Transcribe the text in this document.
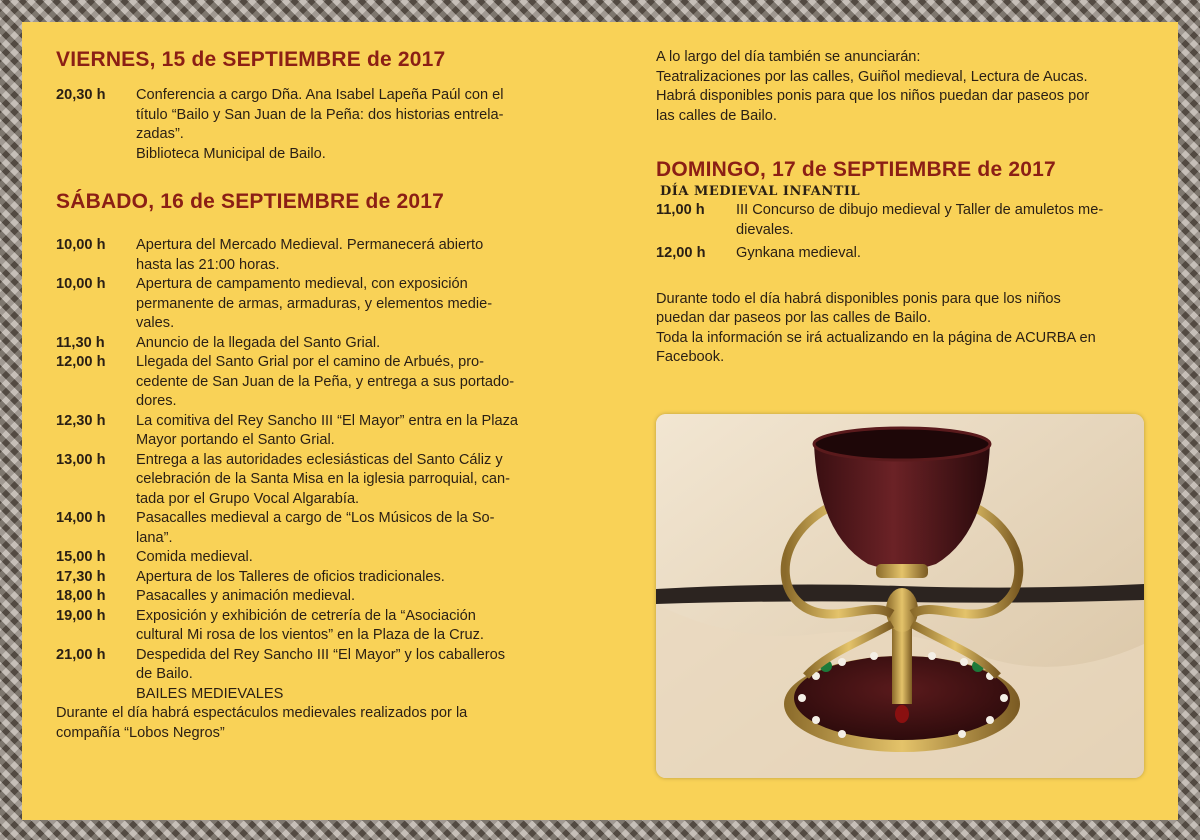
VIERNES, 15 de SEPTIEMBRE de 2017
20,30 h	Conferencia a cargo Dña. Ana Isabel Lapeña Paúl con el
título “Bailo y San Juan de la Peña: dos historias entrela-
zadas”.
Biblioteca Municipal de Bailo.
SÁBADO, 16 de SEPTIEMBRE de 2017
10,00 h	Apertura del Mercado Medieval. Permanecerá abierto
hasta las 21:00 horas.
10,00 h	Apertura de campamento medieval, con exposición
permanente de armas, armaduras, y elementos medie-
vales.
11,30 h	Anuncio de la llegada del Santo Grial.
12,00 h	Llegada del Santo Grial por el camino de Arbués, pro-
cedente de San Juan de la Peña, y entrega a sus portado-
dores.
12,30 h	La comitiva del Rey Sancho III “El Mayor” entra en la Plaza
Mayor portando el Santo Grial.
13,00 h	Entrega a las autoridades eclesiásticas del Santo Cáliz y
celebración de la Santa Misa en la iglesia parroquial, can-
tada por el Grupo Vocal Algarabía.
14,00 h	Pasacalles medieval a cargo de “Los Músicos de la So-
lana”.
15,00 h	Comida medieval.
17,30 h	Apertura de los Talleres de oficios tradicionales.
18,00 h	Pasacalles y animación medieval.
19,00 h	Exposición y exhibición de cetrería de la “Asociación
cultural Mi rosa de los vientos” en la Plaza de la Cruz.
21,00 h	Despedida del Rey Sancho III “El Mayor” y los caballeros
de Bailo.
BAILES MEDIEVALES
Durante el día habrá espectáculos medievales realizados por la
compañía “Lobos Negros”
A lo largo del día también se anunciarán:
Teatralizaciones por las calles, Guiñol medieval, Lectura de Aucas.
Habrá disponibles ponis para que los niños puedan dar paseos por
las calles de Bailo.
DOMINGO, 17 de SEPTIEMBRE de 2017
DÍA MEDIEVAL INFANTIL
11,00 h	III Concurso de dibujo medieval y Taller de amuletos me-
dievales.
12,00 h	Gynkana medieval.
Durante todo el día habrá disponibles ponis para que los niños
puedan dar paseos por las calles de Bailo.
Toda la información se irá actualizando en la página de ACURBA en
Facebook.
